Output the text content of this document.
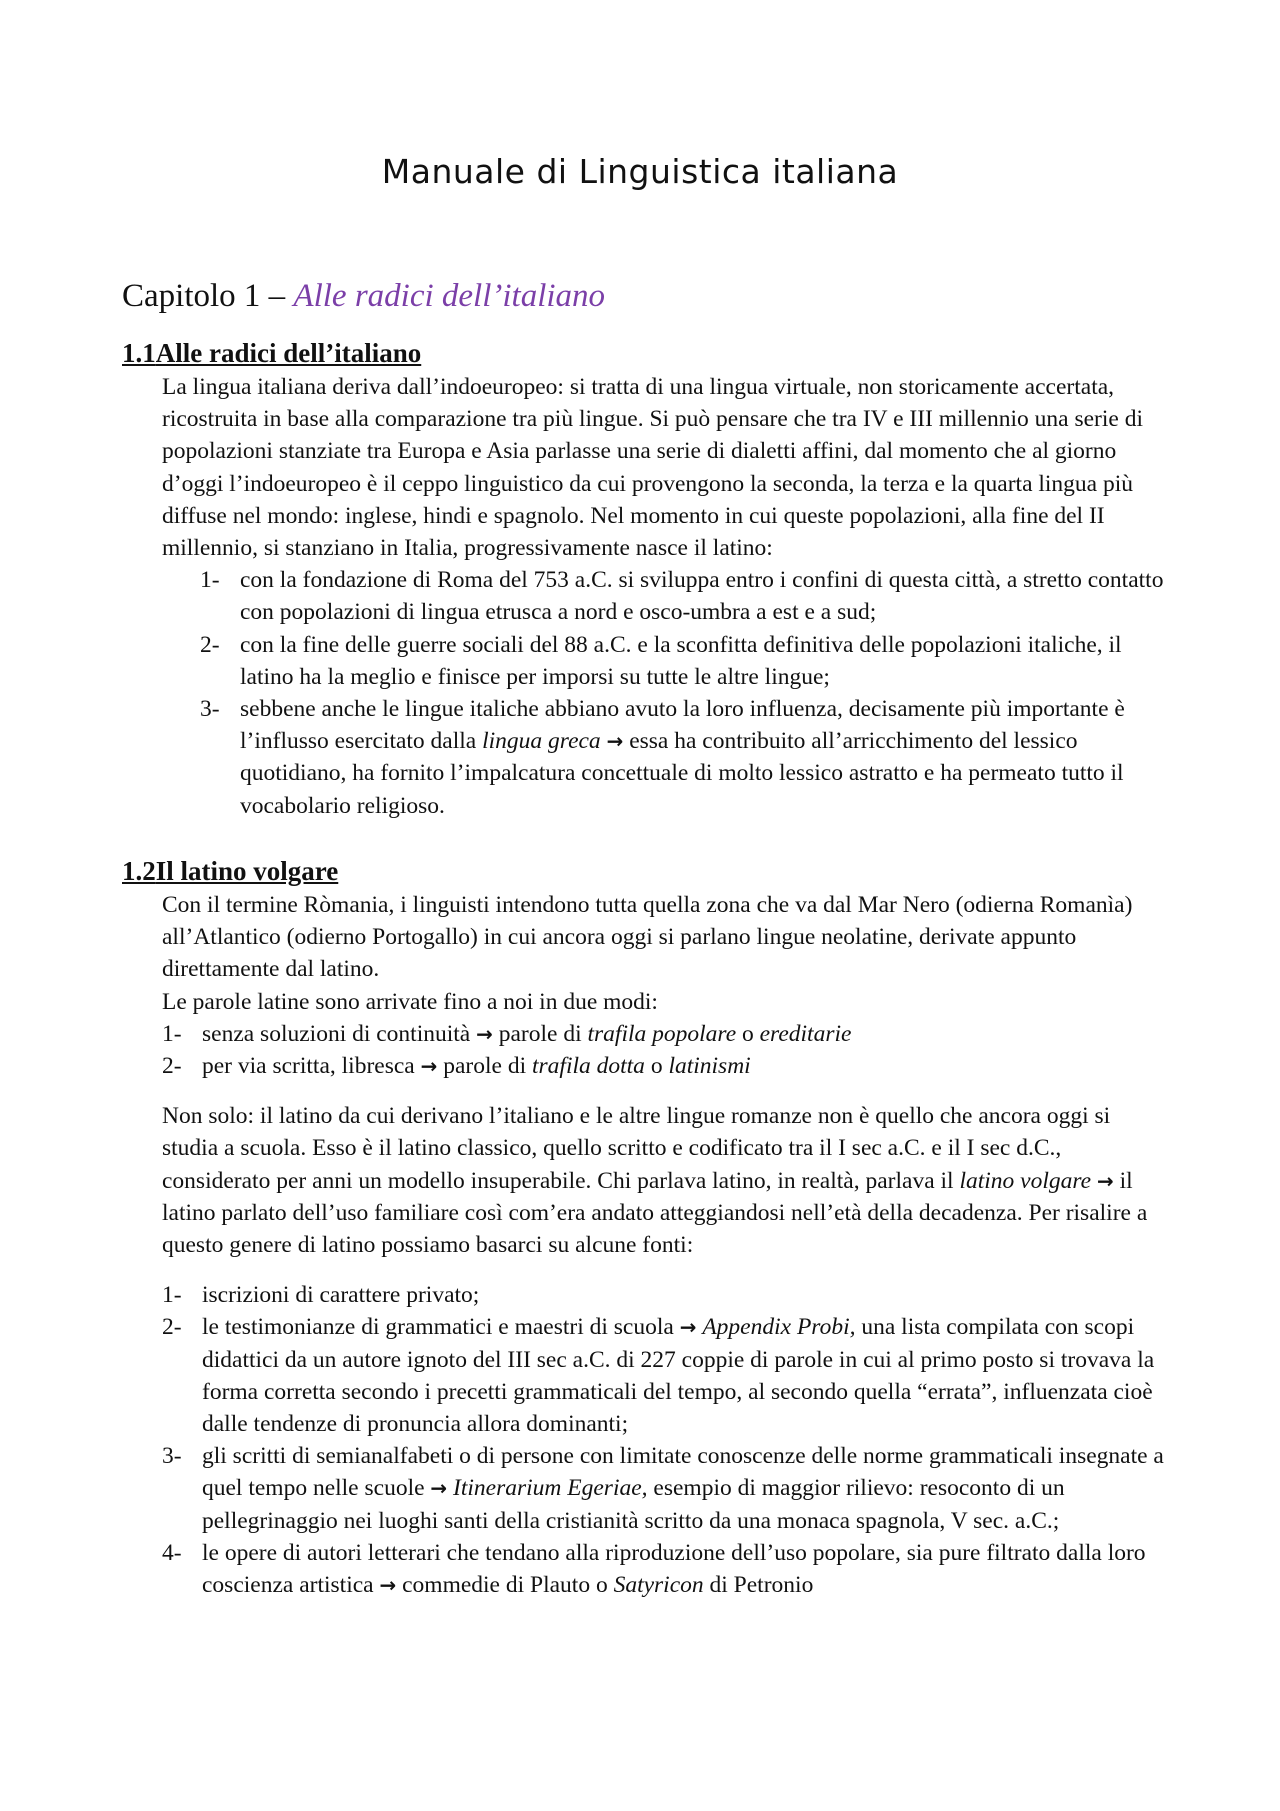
Manuale di Linguistica italiana
Capitolo 1 – Alle radici dell’italiano
1.1Alle radici dell’italiano

La lingua italiana deriva dall’indoeuropeo: si tratta di una lingua virtuale, non storicamente accertata, ricostruita in base alla comparazione tra più lingue. Si può pensare che tra IV e III millennio una serie di popolazioni stanziate tra Europa e Asia parlasse una serie di dialetti affini, dal momento che al giorno d’oggi l’indoeuropeo è il ceppo linguistico da cui provengono la seconda, la terza e la quarta lingua più diffuse nel mondo: inglese, hindi e spagnolo. Nel momento in cui queste popolazioni, alla fine del II millennio, si stanziano in Italia, progressivamente nasce il latino:

1- con la fondazione di Roma del 753 a.C. si sviluppa entro i confini di questa città, a stretto contatto con popolazioni di lingua etrusca a nord e osco-umbra a est e a sud;
2- con la fine delle guerre sociali del 88 a.C. e la sconfitta definitiva delle popolazioni italiche, il latino ha la meglio e finisce per imporsi su tutte le altre lingue;
3- sebbene anche le lingue italiche abbiano avuto la loro influenza, decisamente più importante è l’influsso esercitato dalla lingua greca → essa ha contribuito all’arricchimento del lessico quotidiano, ha fornito l’impalcatura concettuale di molto lessico astratto e ha permeato tutto il vocabolario religioso.
1.2Il latino volgare

Con il termine Ròmania, i linguisti intendono tutta quella zona che va dal Mar Nero (odierna Romanìa) all’Atlantico (odierno Portogallo) in cui ancora oggi si parlano lingue neolatine, derivate appunto direttamente dal latino.

Le parole latine sono arrivate fino a noi in due modi:

1- senza soluzioni di continuità → parole di trafila popolare o ereditarie
2- per via scritta, libresca → parole di trafila dotta o latinismi

Non solo: il latino da cui derivano l’italiano e le altre lingue romanze non è quello che ancora oggi si studia a scuola. Esso è il latino classico, quello scritto e codificato tra il I sec a.C. e il I sec d.C., considerato per anni un modello insuperabile. Chi parlava latino, in realtà, parlava il latino volgare → il latino parlato dell’uso familiare così com’era andato atteggiandosi nell’età della decadenza. Per risalire a questo genere di latino possiamo basarci su alcune fonti:

1- iscrizioni di carattere privato;
2- le testimonianze di grammatici e maestri di scuola → Appendix Probi, una lista compilata con scopi didattici da un autore ignoto del III sec a.C. di 227 coppie di parole in cui al primo posto si trovava la forma corretta secondo i precetti grammaticali del tempo, al secondo quella “errata”, influenzata cioè dalle tendenze di pronuncia allora dominanti;
3- gli scritti di semianalfabeti o di persone con limitate conoscenze delle norme grammaticali insegnate a quel tempo nelle scuole → Itinerarium Egeriae, esempio di maggior rilievo: resoconto di un pellegrinaggio nei luoghi santi della cristianità scritto da una monaca spagnola, V sec. a.C.;
4- le opere di autori letterari che tendano alla riproduzione dell’uso popolare, sia pure filtrato dalla loro coscienza artistica → commedie di Plauto o Satyricon di Petronio
